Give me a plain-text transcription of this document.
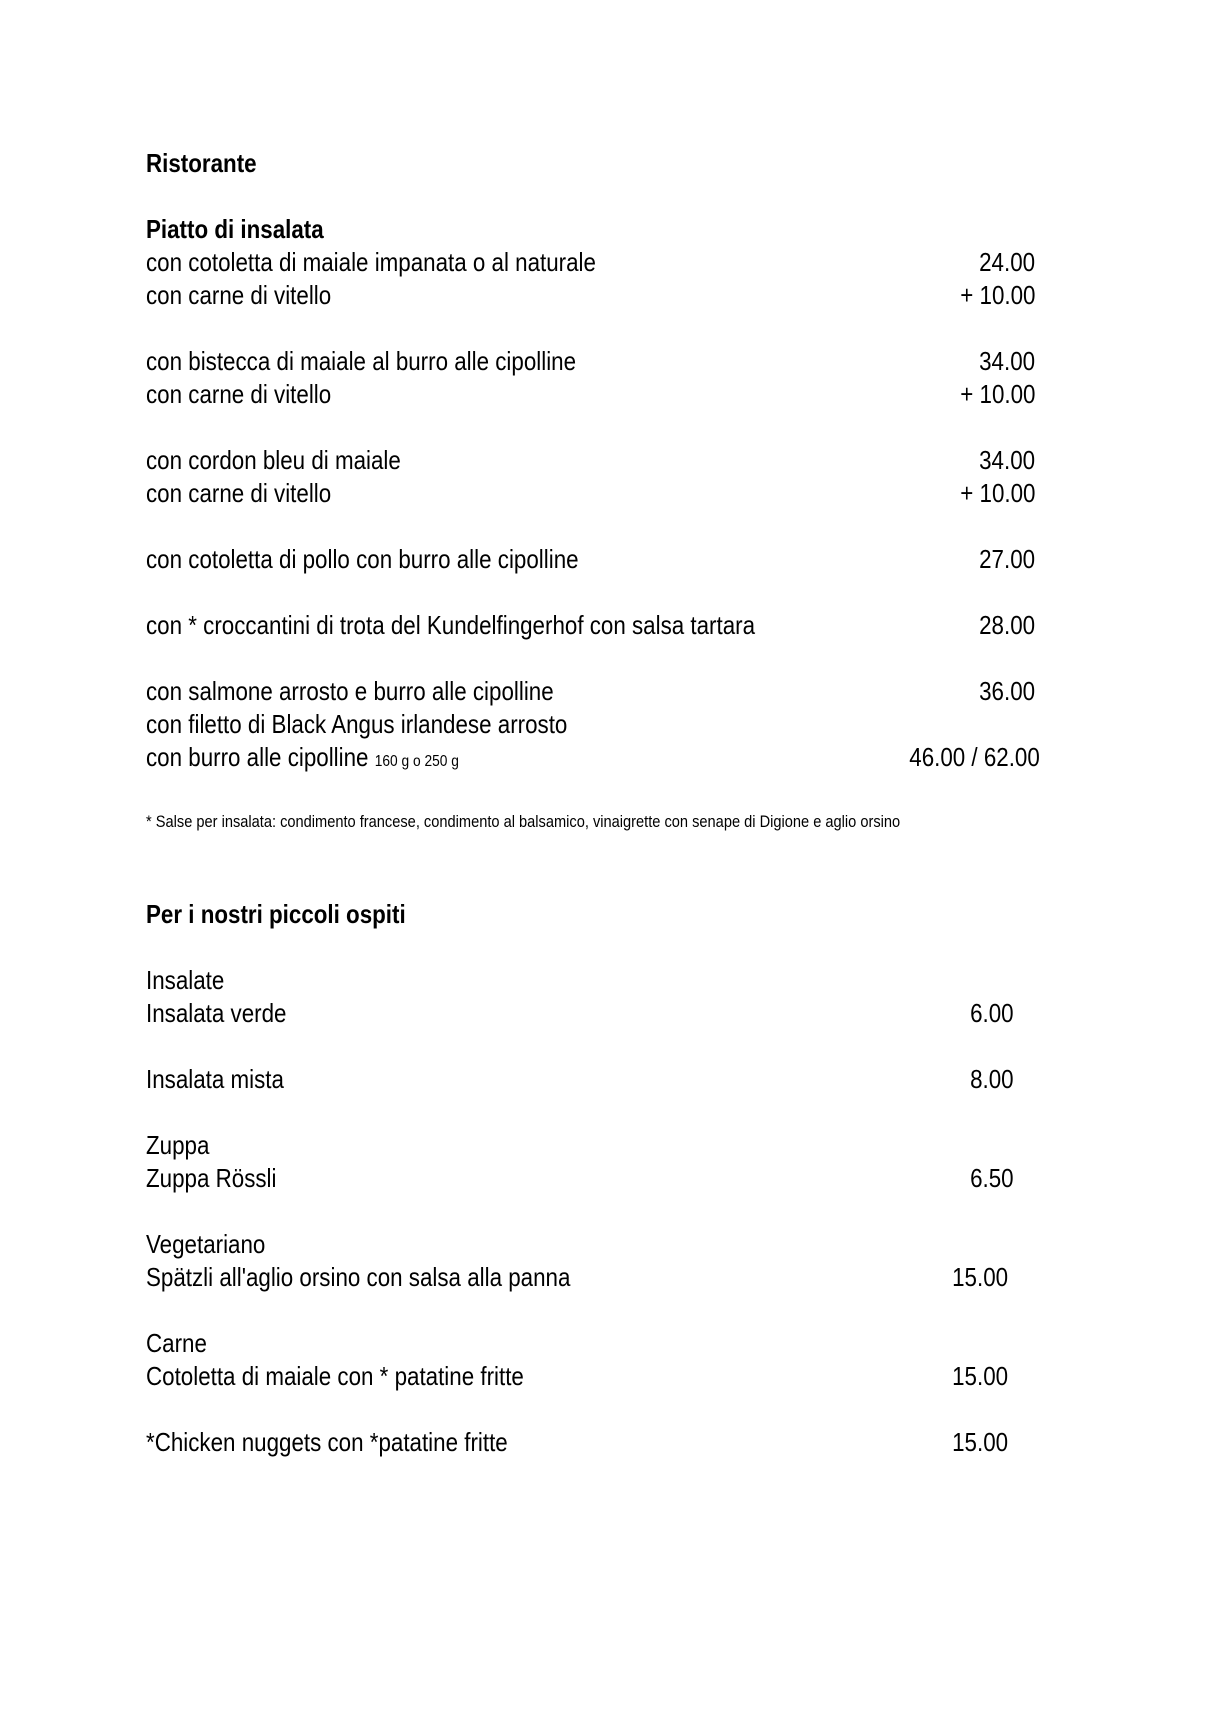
Ristorante
Piatto di insalata
con cotoletta di maiale impanata o al naturale	24.00
con carne di vitello	+ 10.00
con bistecca di maiale al burro alle cipolline	34.00
con carne di vitello	+ 10.00
con cordon bleu di maiale	34.00
con carne di vitello	+ 10.00
con cotoletta di pollo con burro alle cipolline	27.00
con * croccantini di trota del Kundelfingerhof con salsa tartara	28.00
con salmone arrosto e burro alle cipolline	36.00
con filetto di Black Angus irlandese arrosto
con burro alle cipolline 160 g o 250 g	46.00 / 62.00
* Salse per insalata: condimento francese, condimento al balsamico, vinaigrette con senape di Digione e aglio orsino
Per i nostri piccoli ospiti
Insalate
Insalata verde	6.00
Insalata mista	8.00
Zuppa
Zuppa Rössli	6.50
Vegetariano
Spätzli all'aglio orsino con salsa alla panna	15.00
Carne
Cotoletta di maiale con * patatine fritte	15.00
*Chicken nuggets con *patatine fritte	15.00
